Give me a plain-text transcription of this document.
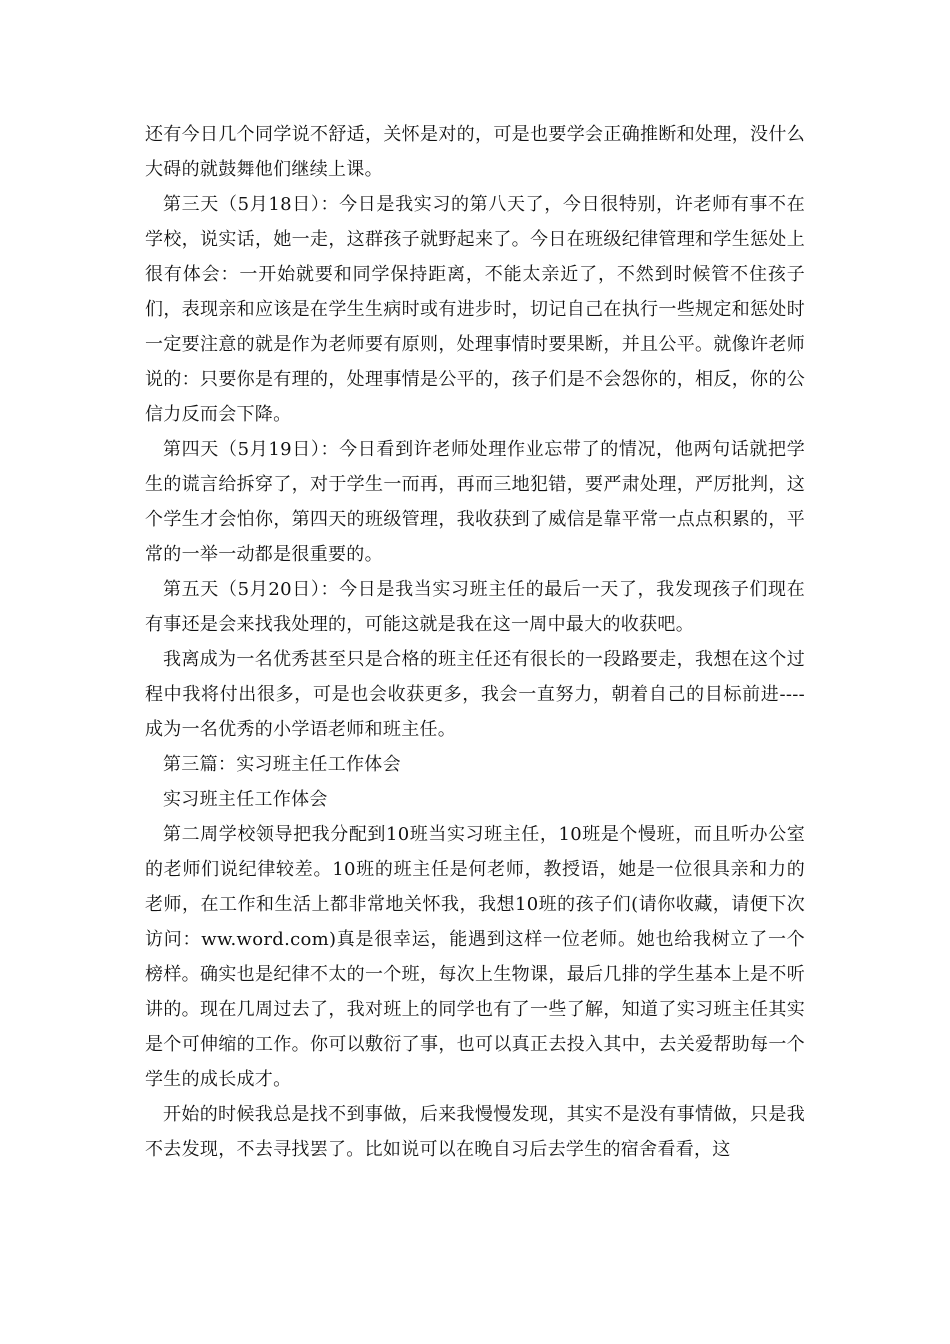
还有今日几个同学说不舒适，关怀是对的，可是也要学会正确推断和处理，没什么大碍的就鼓舞他们继续上课。

第三天（5月18日）：今日是我实习的第八天了，今日很特别，许老师有事不在学校，说实话，她一走，这群孩子就野起来了。今日在班级纪律管理和学生惩处上很有体会：一开始就要和同学保持距离，不能太亲近了，不然到时候管不住孩子们，表现亲和应该是在学生生病时或有进步时，切记自己在执行一些规定和惩处时一定要注意的就是作为老师要有原则，处理事情时要果断，并且公平。就像许老师说的：只要你是有理的，处理事情是公平的，孩子们是不会怨你的，相反，你的公信力反而会下降。

第四天（5月19日）：今日看到许老师处理作业忘带了的情况，他两句话就把学生的谎言给拆穿了，对于学生一而再，再而三地犯错，要严肃处理，严厉批判，这个学生才会怕你，第四天的班级管理，我收获到了威信是靠平常一点点积累的，平常的一举一动都是很重要的。

第五天（5月20日）：今日是我当实习班主任的最后一天了，我发现孩子们现在有事还是会来找我处理的，可能这就是我在这一周中最大的收获吧。

我离成为一名优秀甚至只是合格的班主任还有很长的一段路要走，我想在这个过程中我将付出很多，可是也会收获更多，我会一直努力，朝着自己的目标前进----成为一名优秀的小学语老师和班主任。

第三篇：实习班主任工作体会

实习班主任工作体会

第二周学校领导把我分配到10班当实习班主任，10班是个慢班，而且听办公室的老师们说纪律较差。10班的班主任是何老师，教授语，她是一位很具亲和力的老师，在工作和生活上都非常地关怀我，我想10班的孩子们(请你收藏，请便下次访问：ww.word.com)真是很幸运，能遇到这样一位老师。她也给我树立了一个榜样。确实也是纪律不太的一个班，每次上生物课，最后几排的学生基本上是不听讲的。现在几周过去了，我对班上的同学也有了一些了解，知道了实习班主任其实是个可伸缩的工作。你可以敷衍了事，也可以真正去投入其中，去关爱帮助每一个学生的成长成才。

开始的时候我总是找不到事做，后来我慢慢发现，其实不是没有事情做，只是我不去发现，不去寻找罢了。比如说可以在晚自习后去学生的宿舍看看，这
